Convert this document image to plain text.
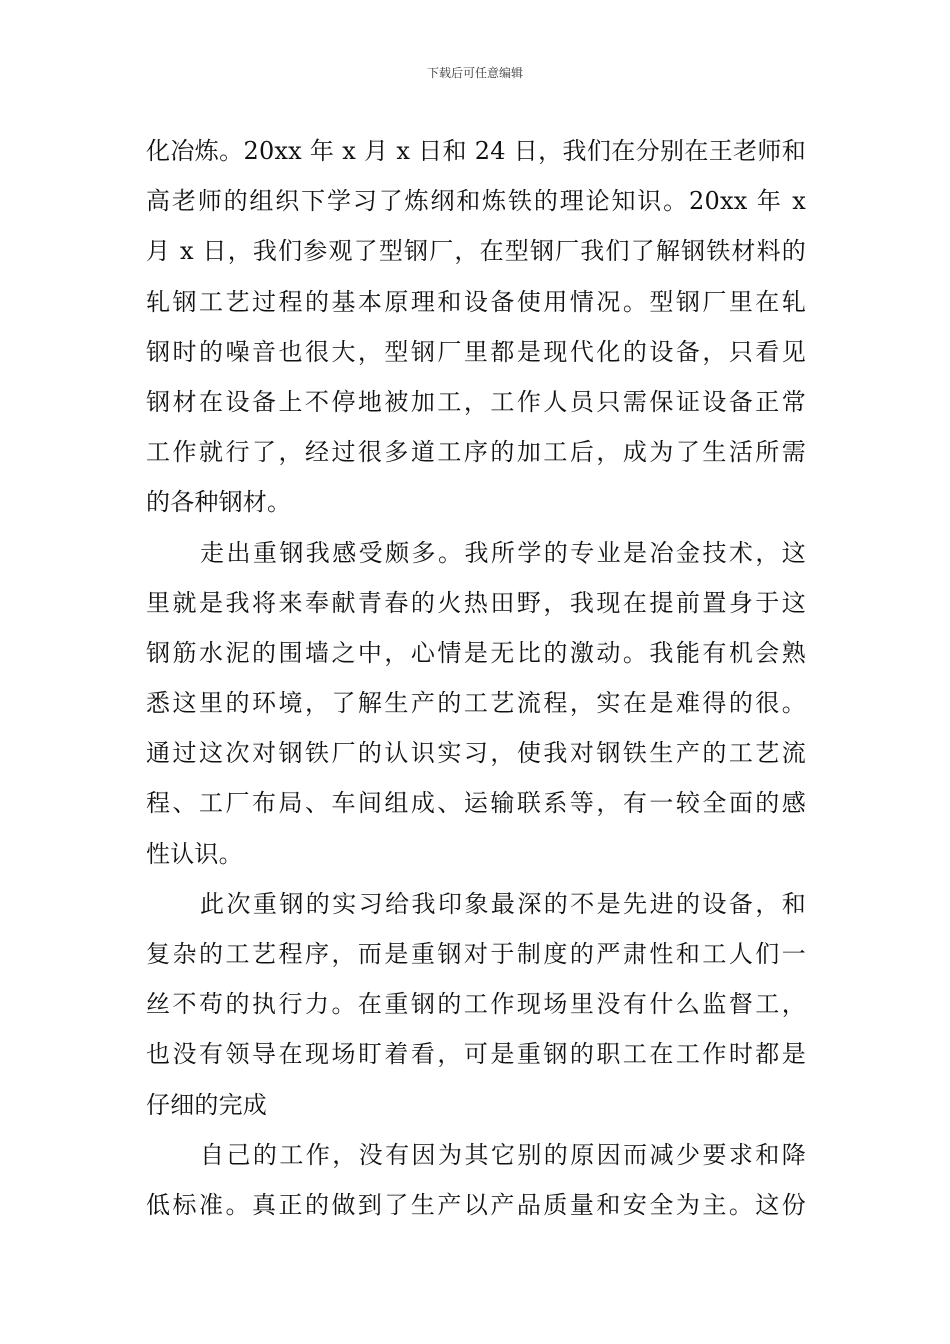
下载后可任意编辑
化冶炼。20xx 年 x 月 x 日和 24 日，我们在分别在王老师和
高老师的组织下学习了炼纲和炼铁的理论知识。20xx 年 x
月 x 日，我们参观了型钢厂，在型钢厂我们了解钢铁材料的
轧钢工艺过程的基本原理和设备使用情况。型钢厂里在轧
钢时的噪音也很大，型钢厂里都是现代化的设备，只看见
钢材在设备上不停地被加工，工作人员只需保证设备正常
工作就行了，经过很多道工序的加工后，成为了生活所需
的各种钢材。
走出重钢我感受颇多。我所学的专业是冶金技术，这
里就是我将来奉献青春的火热田野，我现在提前置身于这
钢筋水泥的围墙之中，心情是无比的激动。我能有机会熟
悉这里的环境，了解生产的工艺流程，实在是难得的很。
通过这次对钢铁厂的认识实习，使我对钢铁生产的工艺流
程、工厂布局、车间组成、运输联系等，有一较全面的感
性认识。
此次重钢的实习给我印象最深的不是先进的设备，和
复杂的工艺程序，而是重钢对于制度的严肃性和工人们一
丝不苟的执行力。在重钢的工作现场里没有什么监督工，
也没有领导在现场盯着看，可是重钢的职工在工作时都是
仔细的完成
自己的工作，没有因为其它别的原因而减少要求和降
低标准。真正的做到了生产以产品质量和安全为主。这份
